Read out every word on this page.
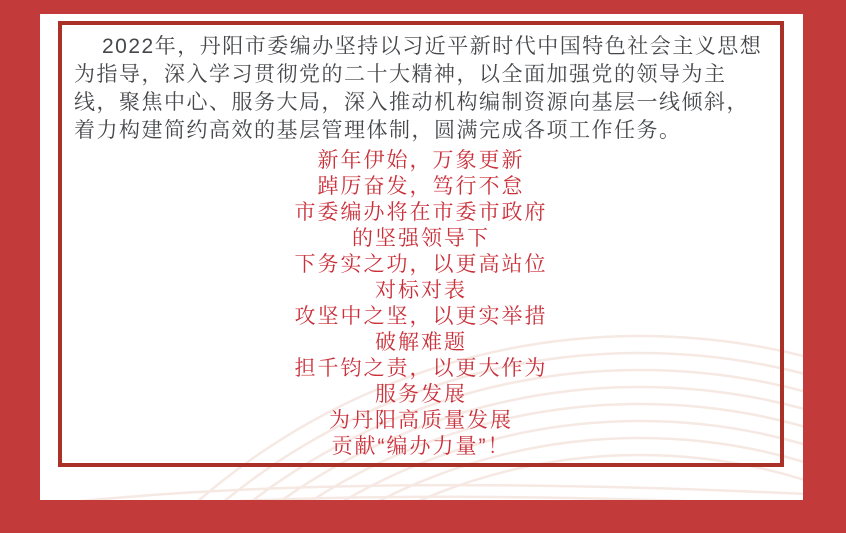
2022年，丹阳市委编办坚持以习近平新时代中国特色社会主义思想为指导，深入学习贯彻党的二十大精神，以全面加强党的领导为主线，聚焦中心、服务大局，深入推动机构编制资源向基层一线倾斜，着力构建简约高效的基层管理体制，圆满完成各项工作任务。
新年伊始，万象更新
踔厉奋发，笃行不怠
市委编办将在市委市政府
的坚强领导下
下务实之功，以更高站位
对标对表
攻坚中之坚，以更实举措
破解难题
担千钧之责，以更大作为
服务发展
为丹阳高质量发展
贡献“编办力量”！
